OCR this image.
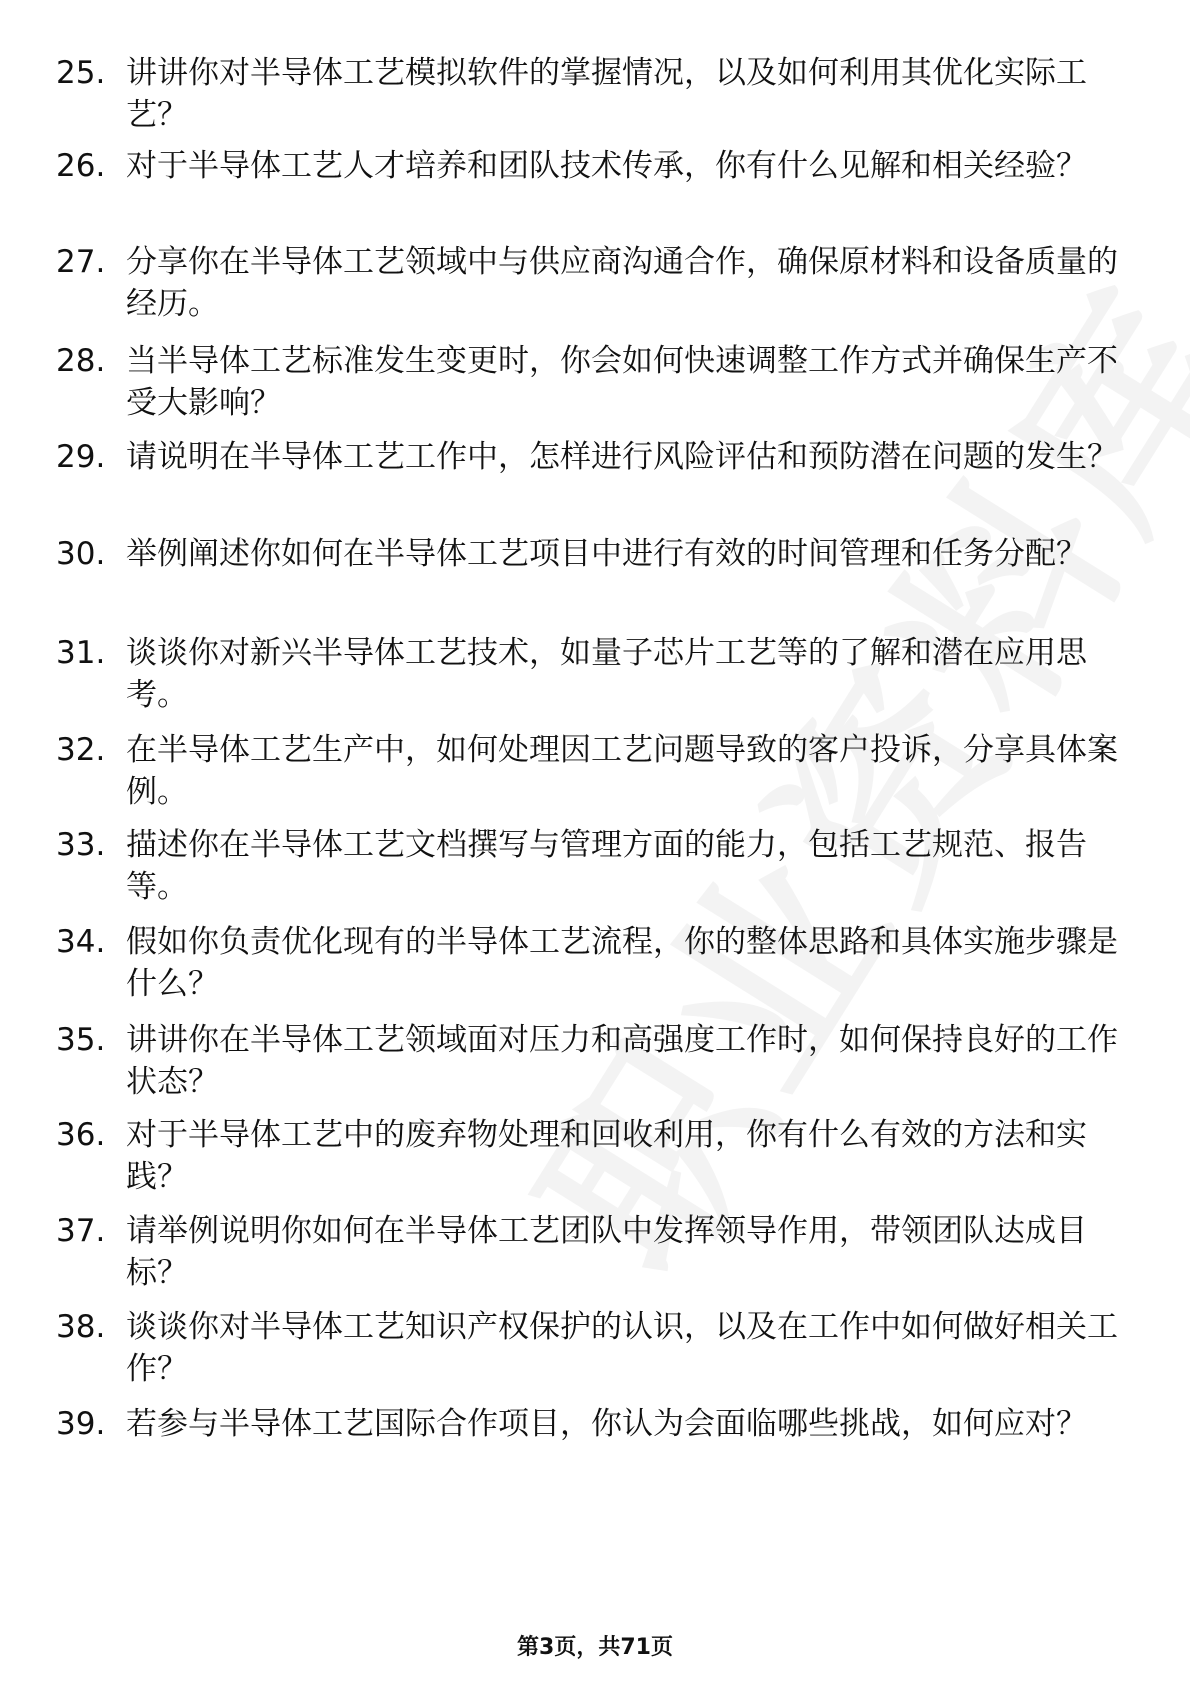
25. 讲讲你对半导体工艺模拟软件的掌握情况，以及如何利用其优化实际工艺？
26. 对于半导体工艺人才培养和团队技术传承，你有什么见解和相关经验？
27. 分享你在半导体工艺领域中与供应商沟通合作，确保原材料和设备质量的经历。
28. 当半导体工艺标准发生变更时，你会如何快速调整工作方式并确保生产不受大影响？
29. 请说明在半导体工艺工作中，怎样进行风险评估和预防潜在问题的发生？
30. 举例阐述你如何在半导体工艺项目中进行有效的时间管理和任务分配？
31. 谈谈你对新兴半导体工艺技术，如量子芯片工艺等的了解和潜在应用思考。
32. 在半导体工艺生产中，如何处理因工艺问题导致的客户投诉，分享具体案例。
33. 描述你在半导体工艺文档撰写与管理方面的能力，包括工艺规范、报告等。
34. 假如你负责优化现有的半导体工艺流程，你的整体思路和具体实施步骤是什么？
35. 讲讲你在半导体工艺领域面对压力和高强度工作时，如何保持良好的工作状态？
36. 对于半导体工艺中的废弃物处理和回收利用，你有什么有效的方法和实践？
37. 请举例说明你如何在半导体工艺团队中发挥领导作用，带领团队达成目标？
38. 谈谈你对半导体工艺知识产权保护的认识，以及在工作中如何做好相关工作？
39. 若参与半导体工艺国际合作项目，你认为会面临哪些挑战，如何应对？
第3页，共71页
